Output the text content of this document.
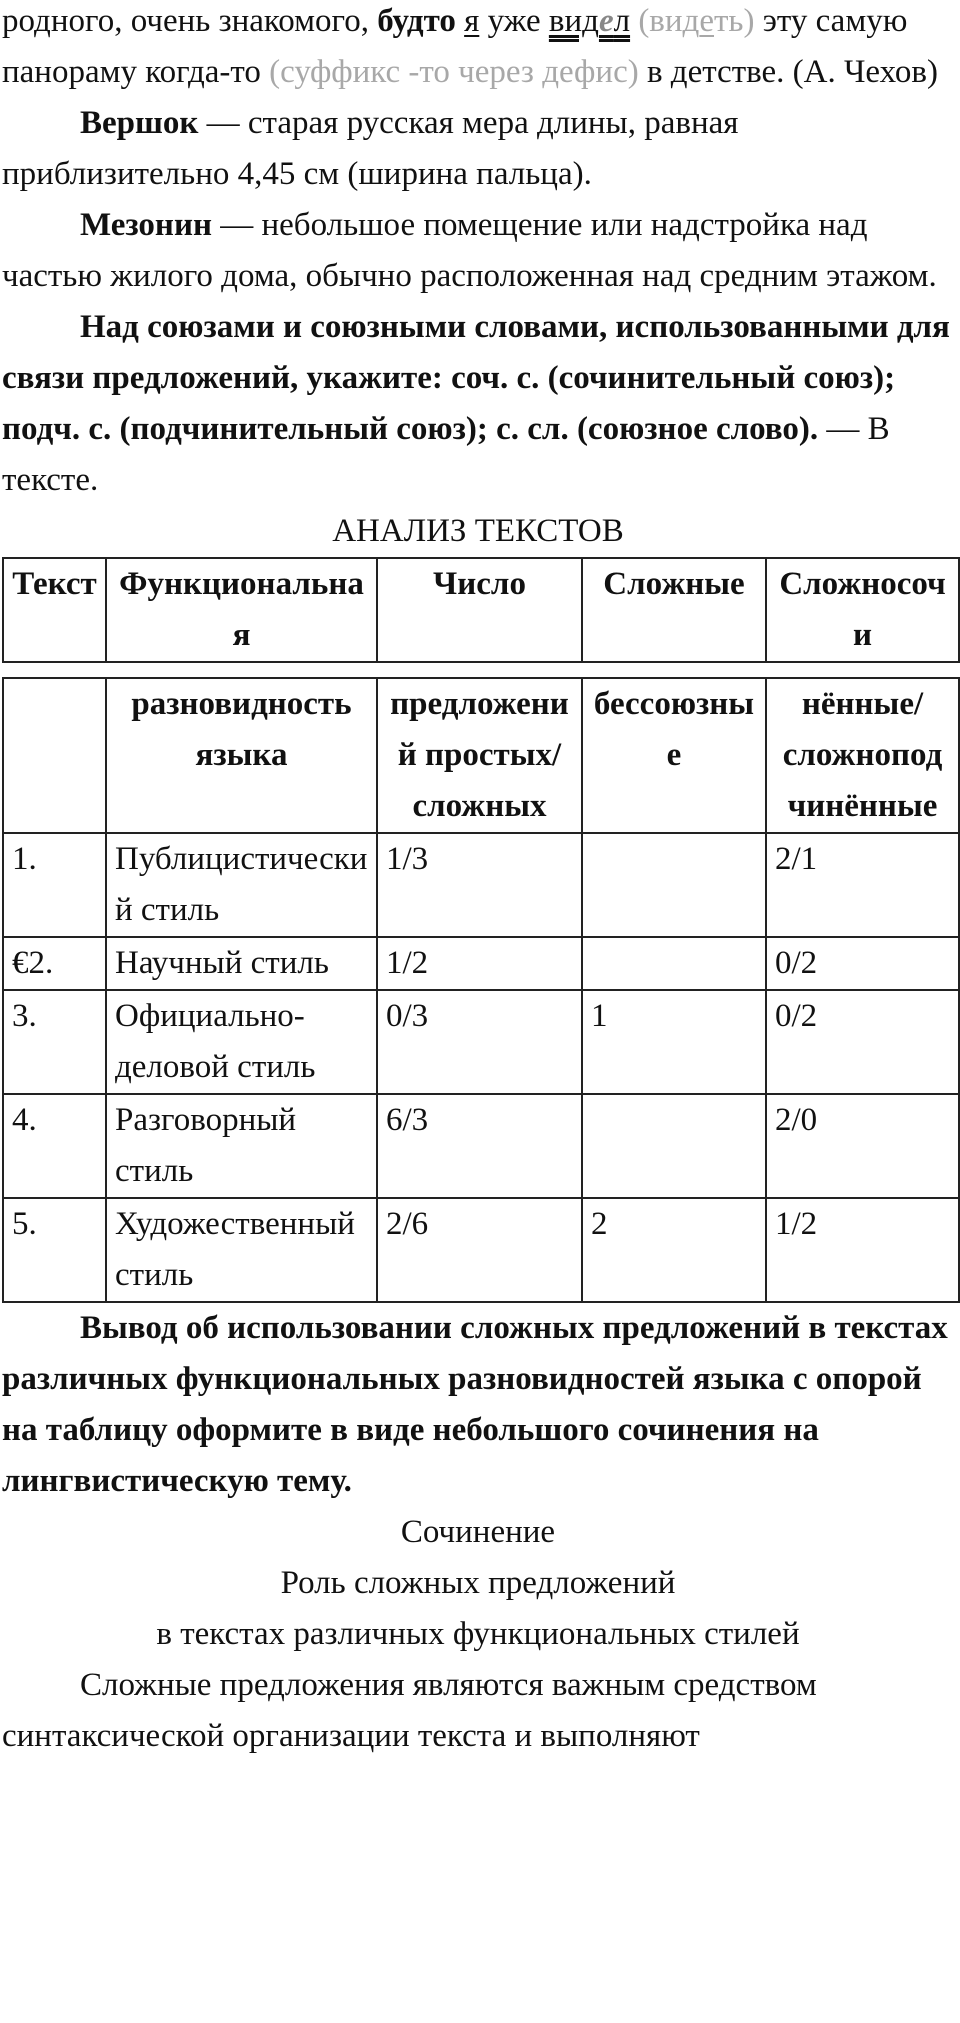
родного, очень знакомого, будто я уже видел (видеть) эту самую панораму когда-то (суффикс -то через дефис) в детстве. (А. Чехов)

Вершок — старая русская мера длины, равная приблизительно 4,45 см (ширина пальца).

Мезонин — небольшое помещение или надстройка над частью жилого дома, обычно расположенная над средним этажом.

Над союзами и союзными словами, использованными для связи предложений, укажите: соч. с. (сочинительный союз); подч. с. (подчинительный союз); с. сл. (союзное слово). — В тексте.

АНАЛИЗ ТЕКСТОВ

Текст	Функциональная	Число	Сложные	Сложносочи
	разновидность языка	предложений простых/ сложных	бессоюзные	нённые/ сложноподчинённые
1.	Публицистический стиль	1/3		2/1
€2.	Научный стиль	1/2		0/2
3.	Официально-деловой стиль	0/3	1	0/2
4.	Разговорный стиль	6/3		2/0
5.	Художественный стиль	2/6	2	1/2

Вывод об использовании сложных предложений в текстах различных функциональных разновидностей языка с опорой на таблицу оформите в виде небольшого сочинения на лингвистическую тему.

Сочинение

Роль сложных предложений

в текстах различных функциональных стилей

Сложные предложения являются важным средством синтаксической организации текста и выполняют
